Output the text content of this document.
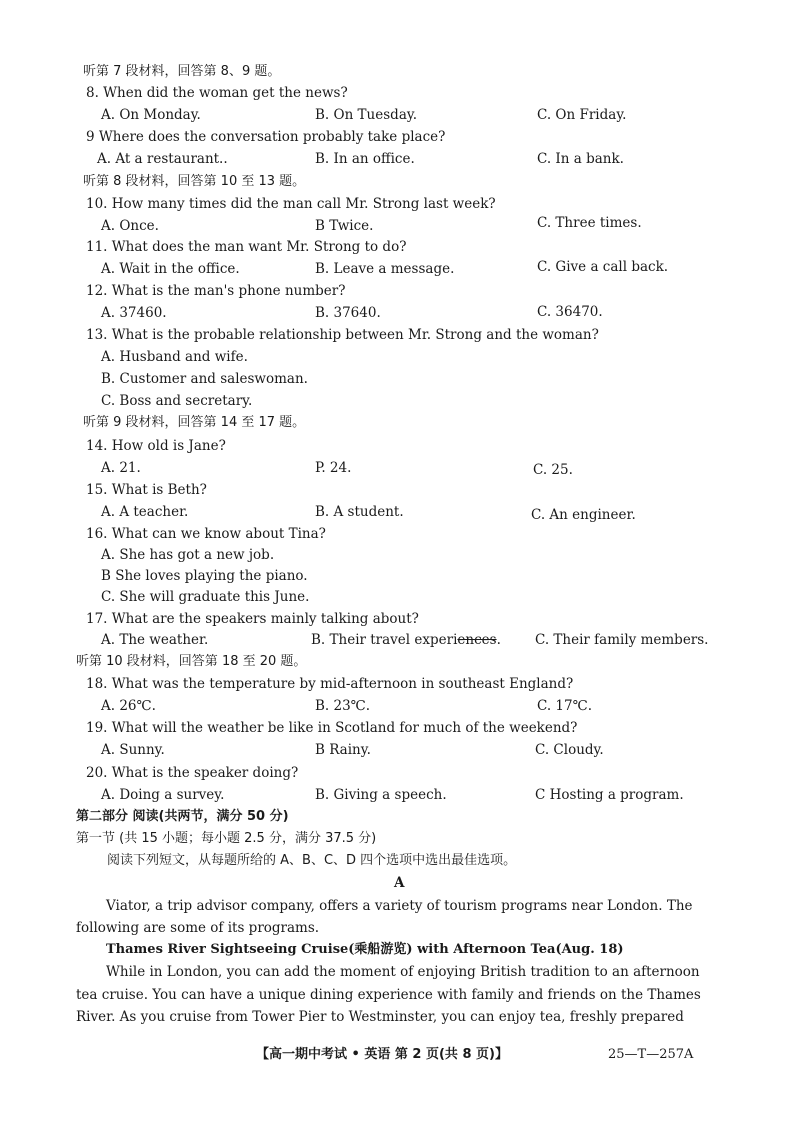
听第 7 段材料，回答第 8、9 题。
8. When did the woman get the news?
A. On Monday.	B. On Tuesday.	C. On Friday.
9 Where does the conversation probably take place?
A. At a restaurant..	B. In an office.	C. In a bank.
听第 8 段材料，回答第 10 至 13 题。
10. How many times did the man call Mr. Strong last week?
A. Once.	B Twice.	C. Three times.
11. What does the man want Mr. Strong to do?
A. Wait in the office.	B. Leave a message.	C. Give a call back.
12. What is the man's phone number?
A. 37460.	B. 37640.	C. 36470.
13. What is the probable relationship between Mr. Strong and the woman?
A. Husband and wife.
B. Customer and saleswoman.
C. Boss and secretary.
听第 9 段材料，回答第 14 至 17 题。
14. How old is Jane?
A. 21.	P. 24.	C. 25.
15. What is Beth?
A. A teacher.	B. A student.	C. An engineer.
16. What can we know about Tina?
A. She has got a new job.
B She loves playing the piano.
C. She will graduate this June.
17. What are the speakers mainly talking about?
A. The weather.	B. Their travel experiences.	C. Their family members.
听第 10 段材料，回答第 18 至 20 题。
18. What was the temperature by mid-afternoon in southeast England?
A. 26℃.	B. 23℃.	C. 17℃.
19. What will the weather be like in Scotland for much of the weekend?
A. Sunny.	B Rainy.	C. Cloudy.
20. What is the speaker doing?
A. Doing a survey.	B. Giving a speech.	C Hosting a program.
第二部分 阅读(共两节，满分 50 分)
第一节 (共 15 小题；每小题 2.5 分，满分 37.5 分)
阅读下列短文，从每题所给的 A、B、C、D 四个选项中选出最佳选项。
A
Viator, a trip advisor company, offers a variety of tourism programs near London. The
following are some of its programs.
Thames River Sightseeing Cruise(乘船游览) with Afternoon Tea(Aug. 18)
While in London, you can add the moment of enjoying British tradition to an afternoon
tea cruise. You can have a unique dining experience with family and friends on the Thames
River. As you cruise from Tower Pier to Westminster, you can enjoy tea, freshly prepared
【高一期中考试 • 英语 第 2 页(共 8 页)】	25—T—257A
